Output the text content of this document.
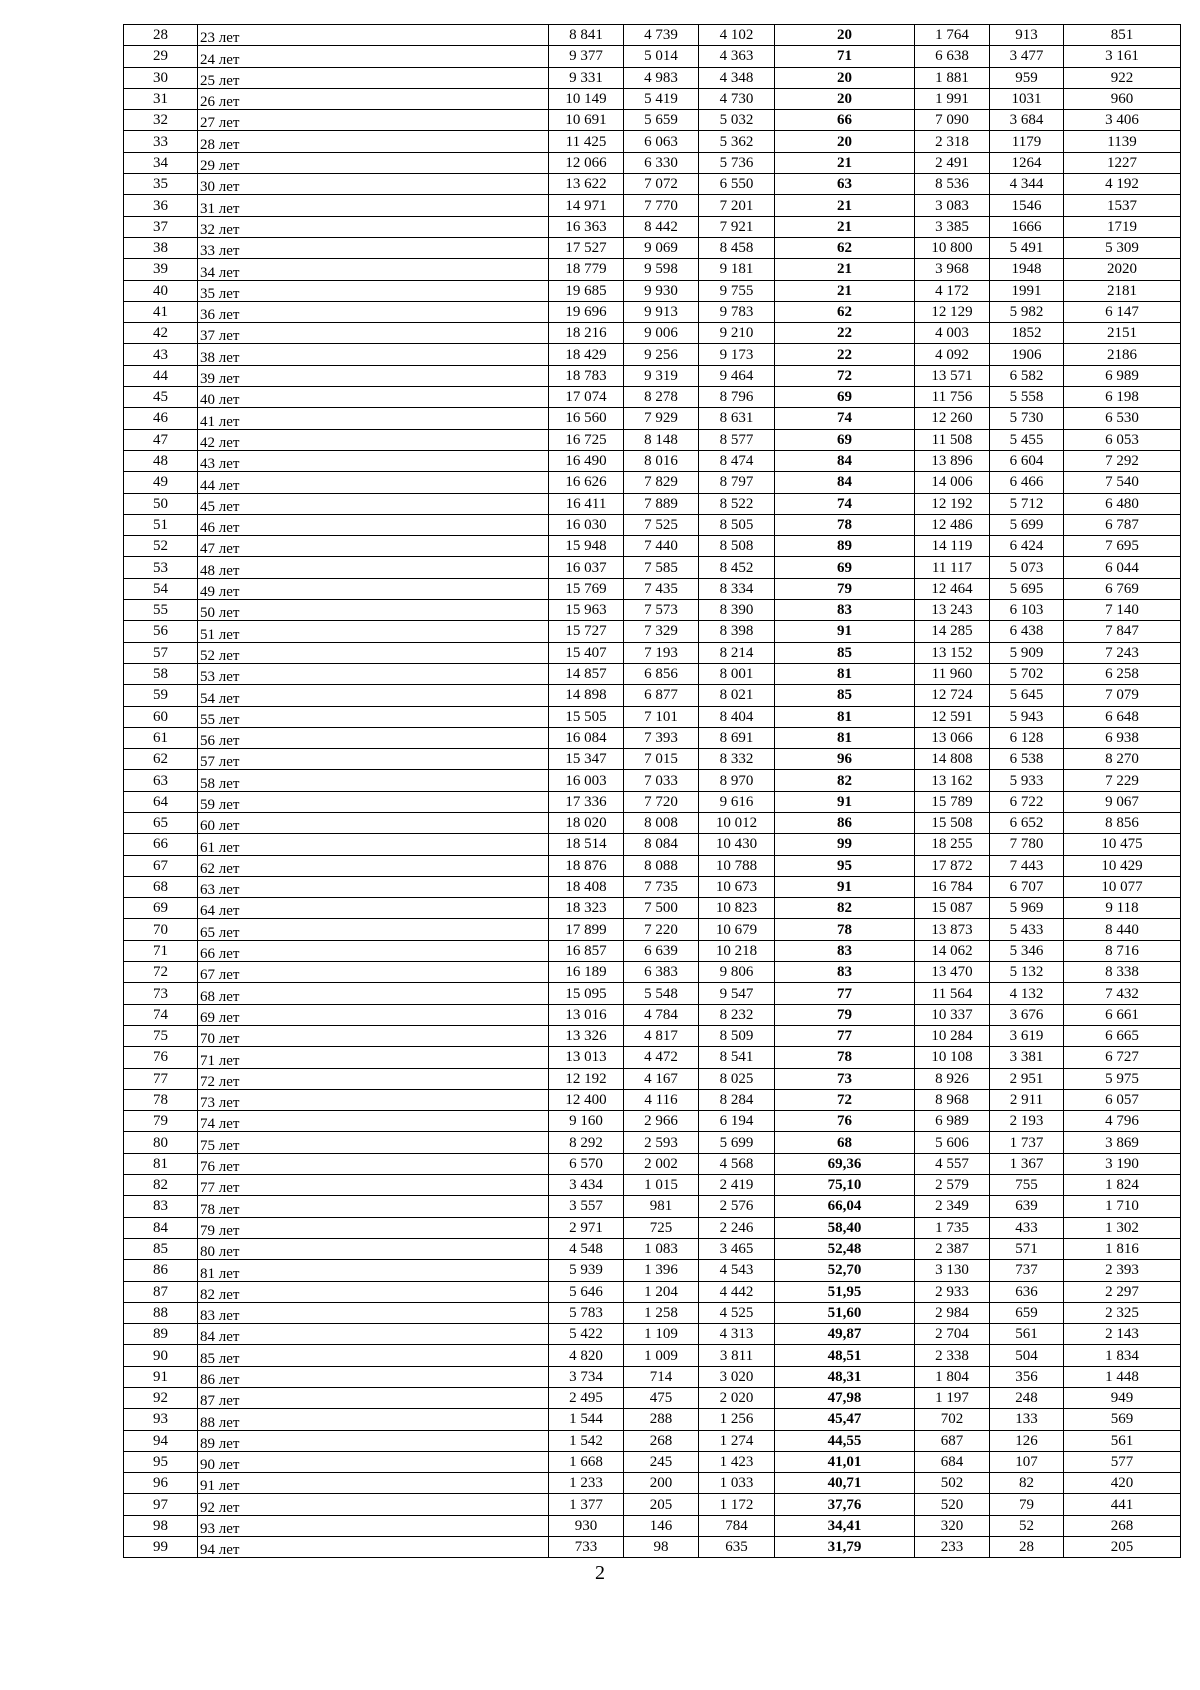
28	23 лет	8 841	4 739	4 102	20	1 764	913	851
29	24 лет	9 377	5 014	4 363	71	6 638	3 477	3 161
30	25 лет	9 331	4 983	4 348	20	1 881	959	922
31	26 лет	10 149	5 419	4 730	20	1 991	1031	960
32	27 лет	10 691	5 659	5 032	66	7 090	3 684	3 406
33	28 лет	11 425	6 063	5 362	20	2 318	1179	1139
34	29 лет	12 066	6 330	5 736	21	2 491	1264	1227
35	30 лет	13 622	7 072	6 550	63	8 536	4 344	4 192
36	31 лет	14 971	7 770	7 201	21	3 083	1546	1537
37	32 лет	16 363	8 442	7 921	21	3 385	1666	1719
38	33 лет	17 527	9 069	8 458	62	10 800	5 491	5 309
39	34 лет	18 779	9 598	9 181	21	3 968	1948	2020
40	35 лет	19 685	9 930	9 755	21	4 172	1991	2181
41	36 лет	19 696	9 913	9 783	62	12 129	5 982	6 147
42	37 лет	18 216	9 006	9 210	22	4 003	1852	2151
43	38 лет	18 429	9 256	9 173	22	4 092	1906	2186
44	39 лет	18 783	9 319	9 464	72	13 571	6 582	6 989
45	40 лет	17 074	8 278	8 796	69	11 756	5 558	6 198
46	41 лет	16 560	7 929	8 631	74	12 260	5 730	6 530
47	42 лет	16 725	8 148	8 577	69	11 508	5 455	6 053
48	43 лет	16 490	8 016	8 474	84	13 896	6 604	7 292
49	44 лет	16 626	7 829	8 797	84	14 006	6 466	7 540
50	45 лет	16 411	7 889	8 522	74	12 192	5 712	6 480
51	46 лет	16 030	7 525	8 505	78	12 486	5 699	6 787
52	47 лет	15 948	7 440	8 508	89	14 119	6 424	7 695
53	48 лет	16 037	7 585	8 452	69	11 117	5 073	6 044
54	49 лет	15 769	7 435	8 334	79	12 464	5 695	6 769
55	50 лет	15 963	7 573	8 390	83	13 243	6 103	7 140
56	51 лет	15 727	7 329	8 398	91	14 285	6 438	7 847
57	52 лет	15 407	7 193	8 214	85	13 152	5 909	7 243
58	53 лет	14 857	6 856	8 001	81	11 960	5 702	6 258
59	54 лет	14 898	6 877	8 021	85	12 724	5 645	7 079
60	55 лет	15 505	7 101	8 404	81	12 591	5 943	6 648
61	56 лет	16 084	7 393	8 691	81	13 066	6 128	6 938
62	57 лет	15 347	7 015	8 332	96	14 808	6 538	8 270
63	58 лет	16 003	7 033	8 970	82	13 162	5 933	7 229
64	59 лет	17 336	7 720	9 616	91	15 789	6 722	9 067
65	60 лет	18 020	8 008	10 012	86	15 508	6 652	8 856
66	61 лет	18 514	8 084	10 430	99	18 255	7 780	10 475
67	62 лет	18 876	8 088	10 788	95	17 872	7 443	10 429
68	63 лет	18 408	7 735	10 673	91	16 784	6 707	10 077
69	64 лет	18 323	7 500	10 823	82	15 087	5 969	9 118
70	65 лет	17 899	7 220	10 679	78	13 873	5 433	8 440
71	66 лет	16 857	6 639	10 218	83	14 062	5 346	8 716
72	67 лет	16 189	6 383	9 806	83	13 470	5 132	8 338
73	68 лет	15 095	5 548	9 547	77	11 564	4 132	7 432
74	69 лет	13 016	4 784	8 232	79	10 337	3 676	6 661
75	70 лет	13 326	4 817	8 509	77	10 284	3 619	6 665
76	71 лет	13 013	4 472	8 541	78	10 108	3 381	6 727
77	72 лет	12 192	4 167	8 025	73	8 926	2 951	5 975
78	73 лет	12 400	4 116	8 284	72	8 968	2 911	6 057
79	74 лет	9 160	2 966	6 194	76	6 989	2 193	4 796
80	75 лет	8 292	2 593	5 699	68	5 606	1 737	3 869
81	76 лет	6 570	2 002	4 568	69,36	4 557	1 367	3 190
82	77 лет	3 434	1 015	2 419	75,10	2 579	755	1 824
83	78 лет	3 557	981	2 576	66,04	2 349	639	1 710
84	79 лет	2 971	725	2 246	58,40	1 735	433	1 302
85	80 лет	4 548	1 083	3 465	52,48	2 387	571	1 816
86	81 лет	5 939	1 396	4 543	52,70	3 130	737	2 393
87	82 лет	5 646	1 204	4 442	51,95	2 933	636	2 297
88	83 лет	5 783	1 258	4 525	51,60	2 984	659	2 325
89	84 лет	5 422	1 109	4 313	49,87	2 704	561	2 143
90	85 лет	4 820	1 009	3 811	48,51	2 338	504	1 834
91	86 лет	3 734	714	3 020	48,31	1 804	356	1 448
92	87 лет	2 495	475	2 020	47,98	1 197	248	949
93	88 лет	1 544	288	1 256	45,47	702	133	569
94	89 лет	1 542	268	1 274	44,55	687	126	561
95	90 лет	1 668	245	1 423	41,01	684	107	577
96	91 лет	1 233	200	1 033	40,71	502	82	420
97	92 лет	1 377	205	1 172	37,76	520	79	441
98	93 лет	930	146	784	34,41	320	52	268
99	94 лет	733	98	635	31,79	233	28	205
2
